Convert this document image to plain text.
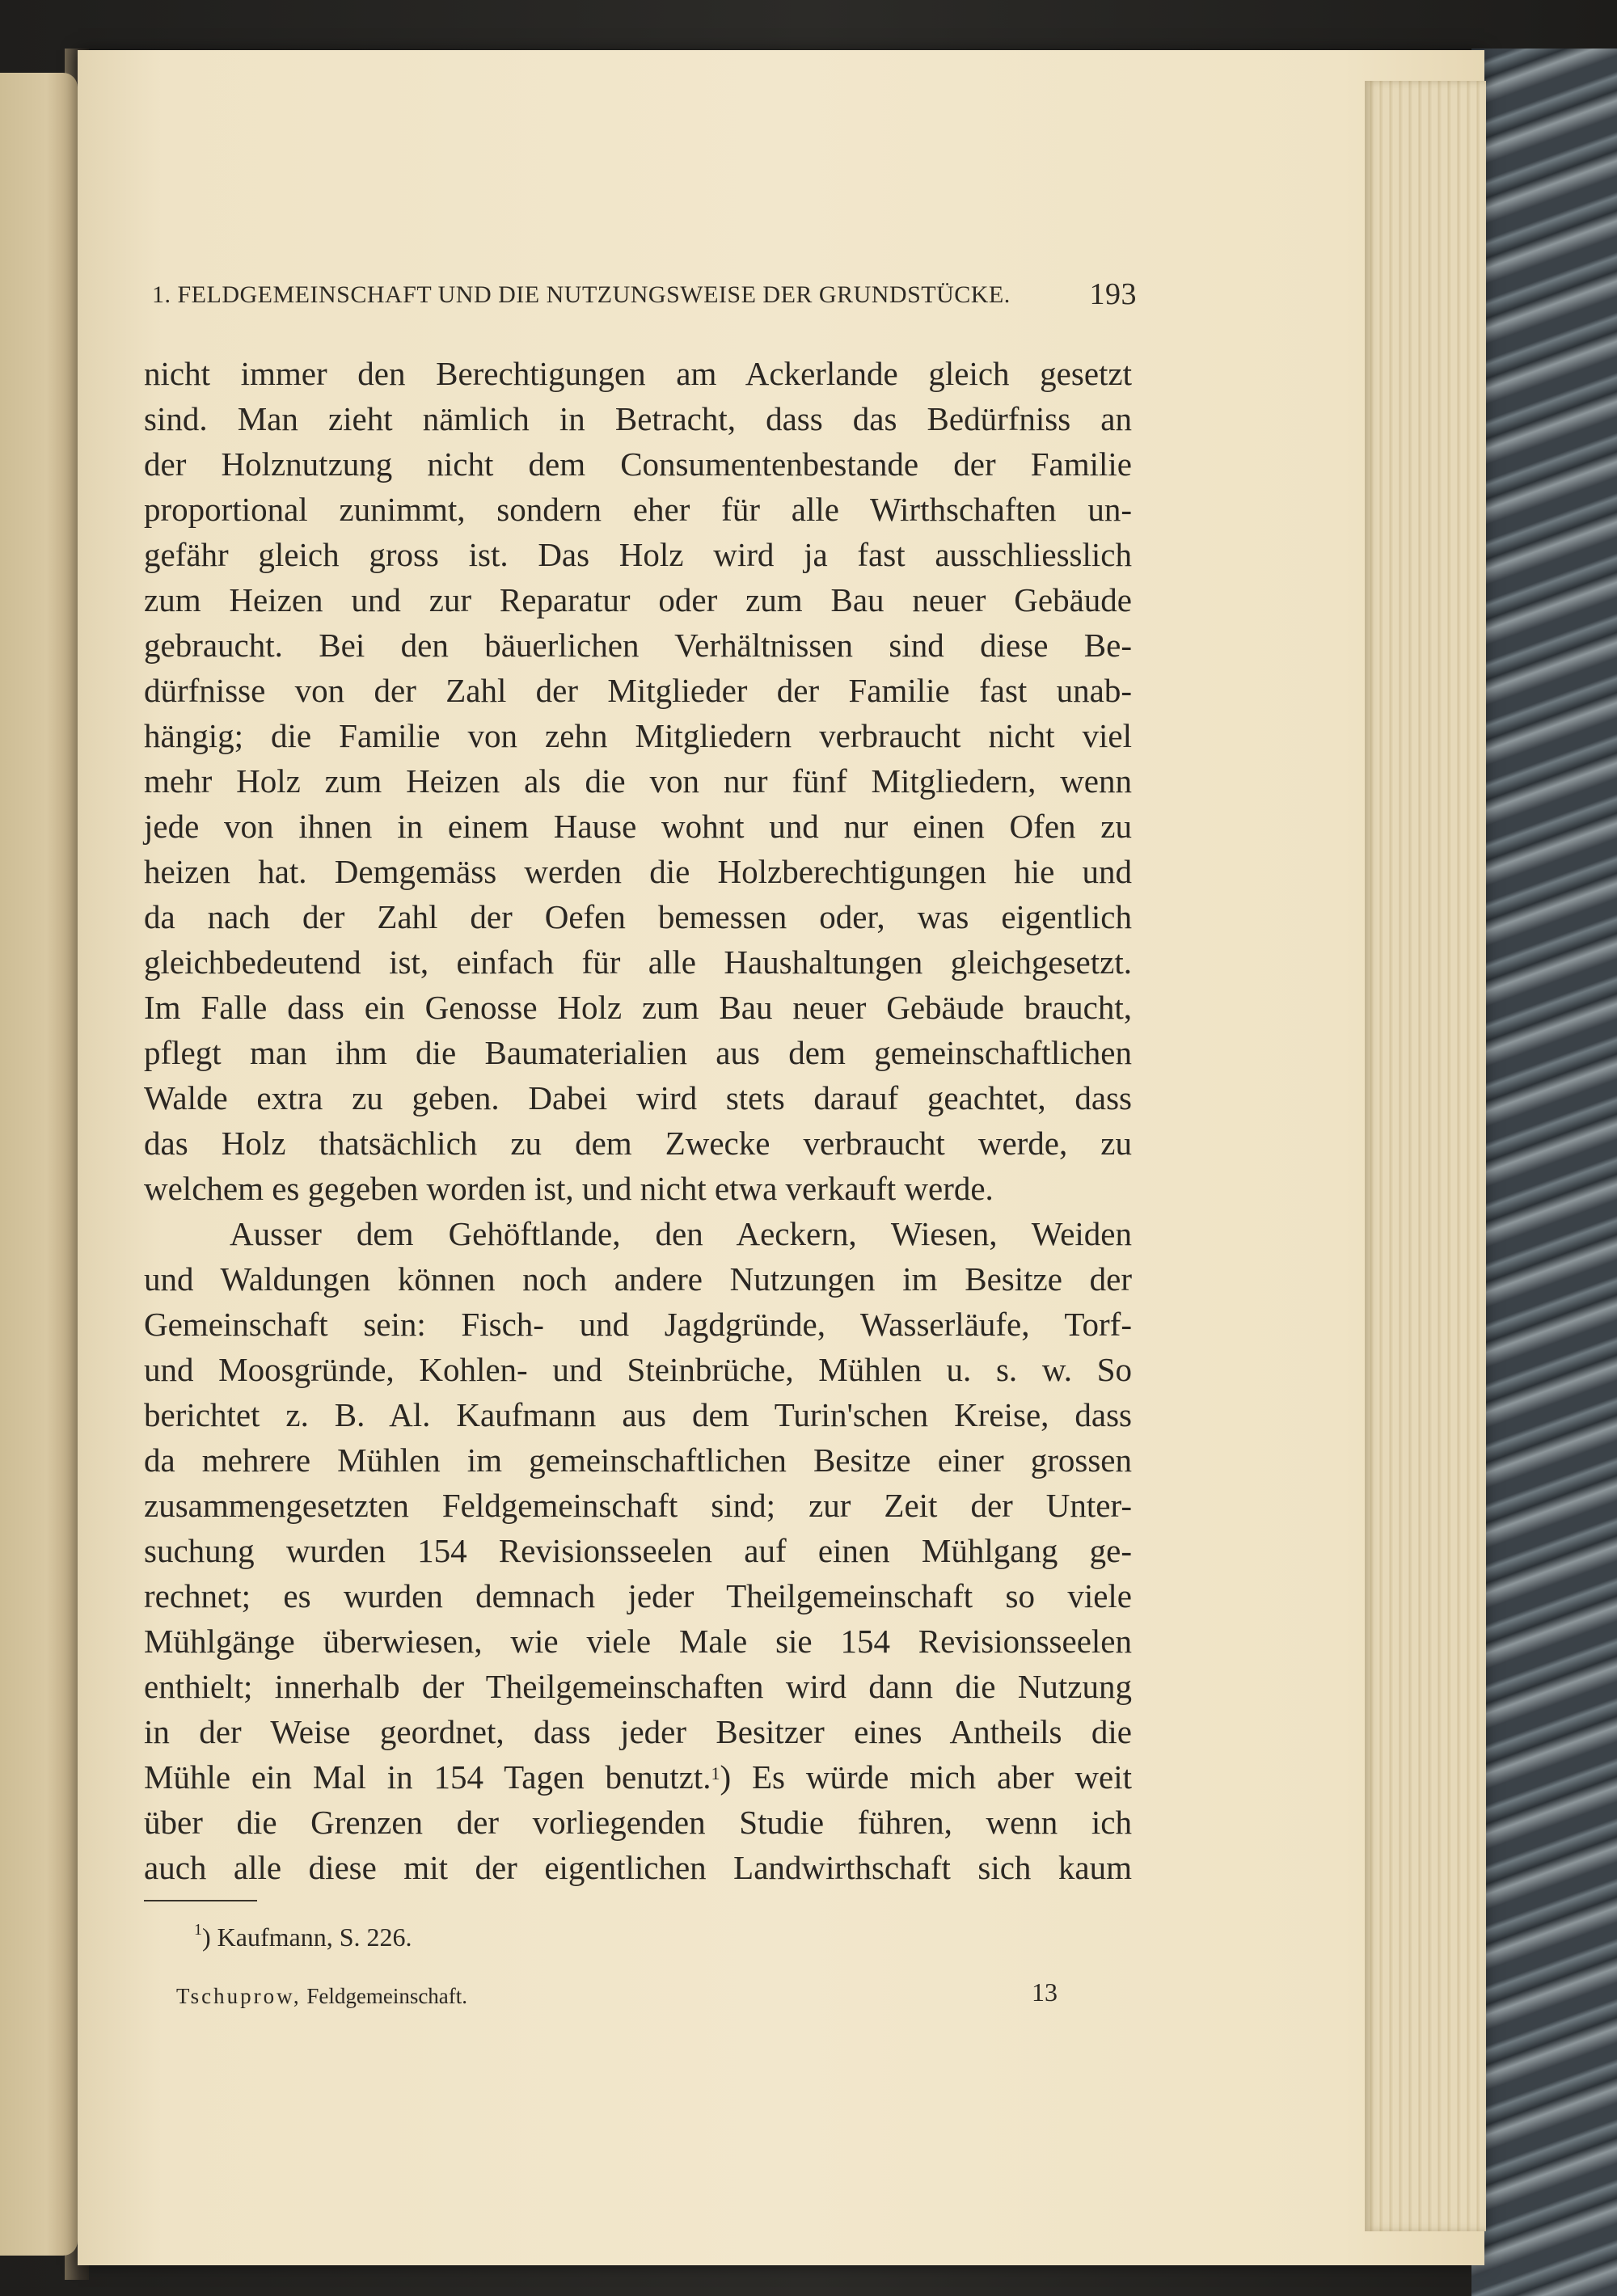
1. FELDGEMEINSCHAFT UND DIE NUTZUNGSWEISE DER GRUNDSTÜCKE.	193
nicht immer den Berechtigungen am Ackerlande gleich gesetzt
sind. Man zieht nämlich in Betracht, dass das Bedürfniss an
der Holznutzung nicht dem Consumentenbestande der Familie
proportional zunimmt, sondern eher für alle Wirthschaften un-
gefähr gleich gross ist. Das Holz wird ja fast ausschliesslich
zum Heizen und zur Reparatur oder zum Bau neuer Gebäude
gebraucht. Bei den bäuerlichen Verhältnissen sind diese Be-
dürfnisse von der Zahl der Mitglieder der Familie fast unab-
hängig; die Familie von zehn Mitgliedern verbraucht nicht viel
mehr Holz zum Heizen als die von nur fünf Mitgliedern, wenn
jede von ihnen in einem Hause wohnt und nur einen Ofen zu
heizen hat. Demgemäss werden die Holzberechtigungen hie und
da nach der Zahl der Oefen bemessen oder, was eigentlich
gleichbedeutend ist, einfach für alle Haushaltungen gleichgesetzt.
Im Falle dass ein Genosse Holz zum Bau neuer Gebäude braucht,
pflegt man ihm die Baumaterialien aus dem gemeinschaftlichen
Walde extra zu geben. Dabei wird stets darauf geachtet, dass
das Holz thatsächlich zu dem Zwecke verbraucht werde, zu
welchem es gegeben worden ist, und nicht etwa verkauft werde.
Ausser dem Gehöftlande, den Aeckern, Wiesen, Weiden
und Waldungen können noch andere Nutzungen im Besitze der
Gemeinschaft sein: Fisch- und Jagdgründe, Wasserläufe, Torf-
und Moosgründe, Kohlen- und Steinbrüche, Mühlen u. s. w. So
berichtet z. B. Al. Kaufmann aus dem Turin'schen Kreise, dass
da mehrere Mühlen im gemeinschaftlichen Besitze einer grossen
zusammengesetzten Feldgemeinschaft sind; zur Zeit der Unter-
suchung wurden 154 Revisionsseelen auf einen Mühlgang ge-
rechnet; es wurden demnach jeder Theilgemeinschaft so viele
Mühlgänge überwiesen, wie viele Male sie 154 Revisionsseelen
enthielt; innerhalb der Theilgemeinschaften wird dann die Nutzung
in der Weise geordnet, dass jeder Besitzer eines Antheils die
Mühle ein Mal in 154 Tagen benutzt.$^1$) Es würde mich aber weit
über die Grenzen der vorliegenden Studie führen, wenn ich
auch alle diese mit der eigentlichen Landwirthschaft sich kaum
$^1$) Kaufmann, S. 226.
Tschuprow, Feldgemeinschaft.	13
